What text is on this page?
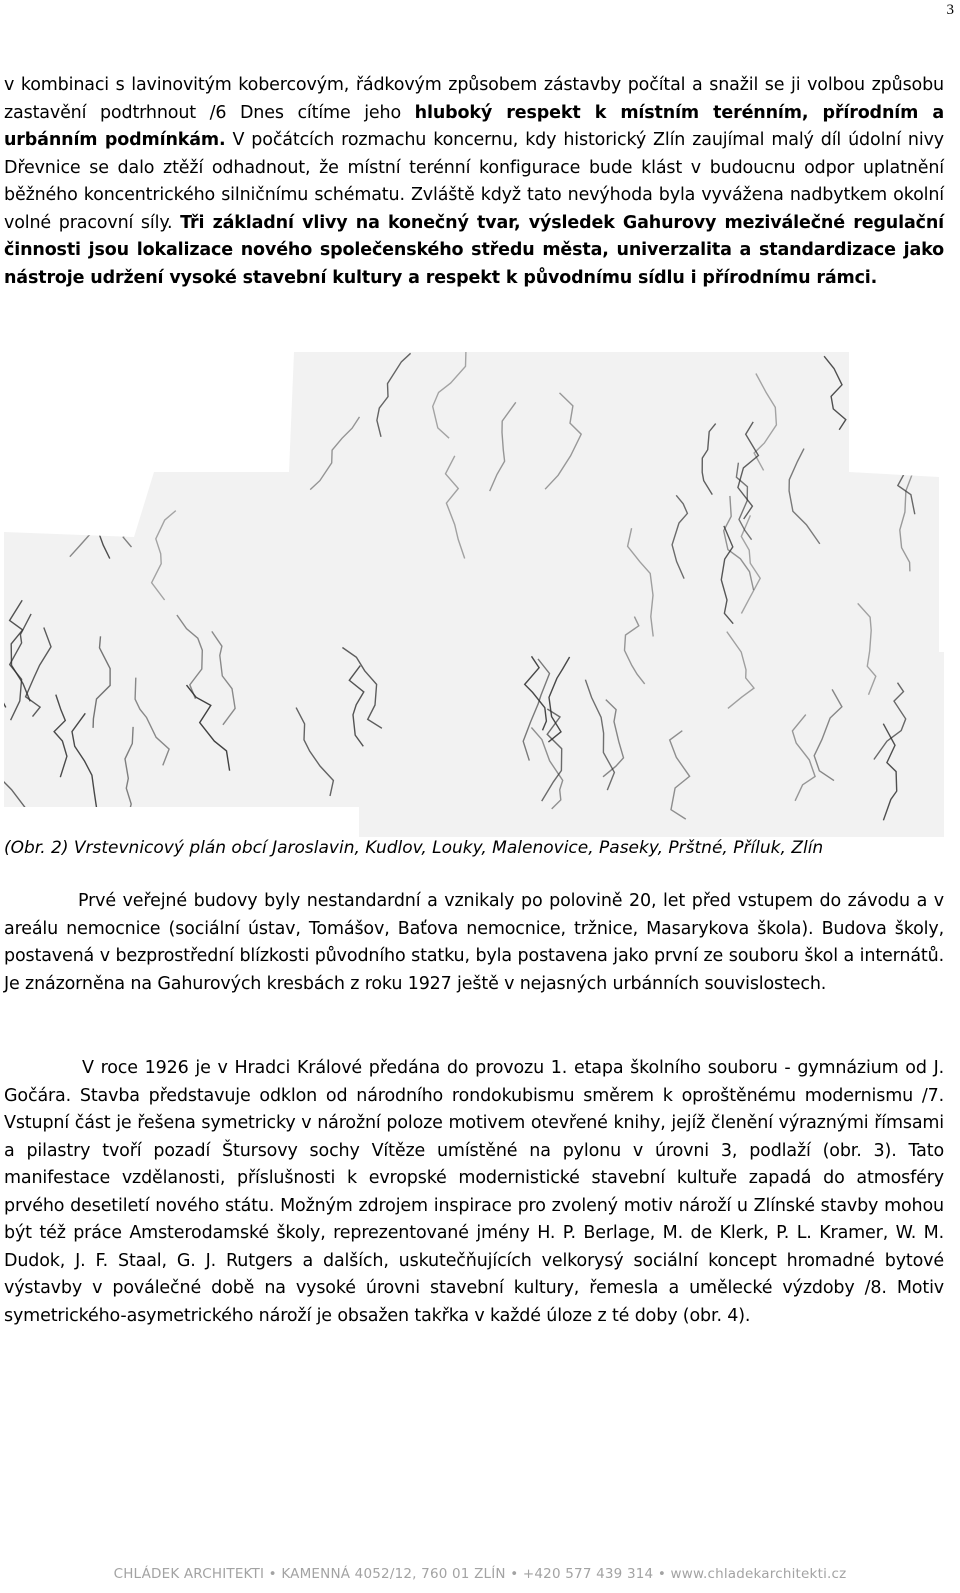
3

v kombinaci s lavinovitým kobercovým, řádkovým způsobem zástavby počítal a snažil se ji volbou způsobu zastavění podtrhnout /6 Dnes cítíme jeho hluboký respekt k místním terénním, přírodním a urbánním podmínkám. V počátcích rozmachu koncernu, kdy historický Zlín zaujímal malý díl údolní nivy Dřevnice se dalo ztěží odhadnout, že místní terénní konfigurace bude klást v budoucnu odpor uplatnění běžného koncentrického silničnímu schématu. Zvláště když tato nevýhoda byla vyvážena nadbytkem okolní volné pracovní síly. Tři základní vlivy na konečný tvar, výsledek Gahurovy meziválečné regulační činnosti jsou lokalizace nového společenského středu města, univerzalita a standardizace jako nástroje udržení vysoké stavební kultury a respekt k původnímu sídlu i přírodnímu rámci.

(Obr. 2) Vrstevnicový plán obcí Jaroslavin, Kudlov, Louky, Malenovice, Paseky, Prštné, Příluk, Zlín

Prvé veřejné budovy byly nestandardní a vznikaly po polovině 20, let před vstupem do závodu a v areálu nemocnice (sociální ústav, Tomášov, Baťova nemocnice, tržnice, Masarykova škola). Budova školy, postavená v bezprostřední blízkosti původního statku, byla postavena jako první ze souboru škol a internátů. Je znázorněna na Gahurových kresbách z roku 1927 ještě v nejasných urbánních souvislostech.

V roce 1926 je v Hradci Králové předána do provozu 1. etapa školního souboru - gymnázium od J. Gočára. Stavba představuje odklon od národního rondokubismu směrem k oproštěnému modernismu /7. Vstupní část je řešena symetricky v nárožní poloze motivem otevřené knihy, jejíž členění výraznými římsami a pilastry tvoří pozadí Štursovy sochy Vítěze umístěné na pylonu v úrovni 3, podlaží (obr. 3). Tato manifestace vzdělanosti, příslušnosti k evropské modernistické stavební kultuře zapadá do atmosféry prvého desetiletí nového státu. Možným zdrojem inspirace pro zvolený motiv nároží u Zlínské stavby mohou být též práce Amsterodamské školy, reprezentované jmény H. P. Berlage, M. de Klerk, P. L. Kramer, W. M. Dudok, J. F. Staal, G. J. Rutgers a dalších, uskutečňujících velkorysý sociální koncept hromadné bytové výstavby v poválečné době na vysoké úrovni stavební kultury, řemesla a umělecké výzdoby /8. Motiv symetrického-asymetrického nároží je obsažen takřka v každé úloze z té doby (obr. 4).

CHLÁDEK ARCHITEKTI • KAMENNÁ 4052/12, 760 01 ZLÍN • +420 577 439 314 • www.chladekarchitekti.cz
